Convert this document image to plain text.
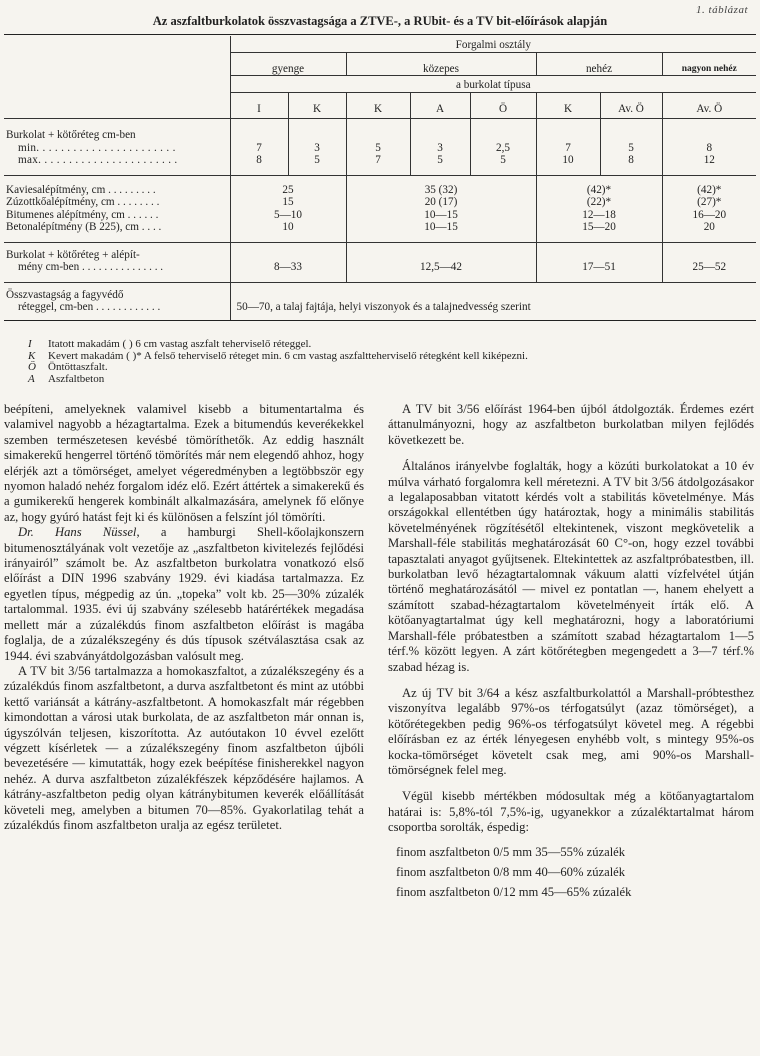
1. táblázat
Az aszfaltburkolatok összvastagsága a ZTVE-, a RUbit- és a TV bit-előírások alapján
	Forgalmi osztály							
	gyenge		közepes			nehéz		nagyon nehéz
	a burkolat típusa							
	I	K	K	A	Ö	K	Av. Ö	Av. Ö
Burkolat + kötőréteg cm-ben								
min. . . . . . . . . . . . . . . . . . . . . . .	7	3	5	3	2,5	7	5	8
max. . . . . . . . . . . . . . . . . . . . . . .	8	5	7	5	5	10	8	12
Kaviesalépítmény, cm . . . . . . . . .	25		35 (32)			(42)*		(42)*
Zúzottkőalépítmény, cm . . . . . . . .	15		20 (17)			(22)*		(27)*
Bitumenes alépítmény, cm . . . . . .	5—10		10—15			12—18		16—20
Betonalépítmény (B 225), cm . . . .	10		10—15			15—20		20
Burkolat + kötőréteg + alépít-								
mény cm-ben . . . . . . . . . . . . . . .	8—33		12,5—42			17—51		25—52
Összvastagság a fagyvédő								
réteggel, cm-ben . . . . . . . . . . . .	50—70, a talaj fajtája, helyi viszonyok és a talajnedvesség szerint							
I Itatott makadám ( ) 6 cm vastag aszfalt teherviselő réteggel.
K Kevert makadám ( )* A felső teherviselő réteget min. 6 cm vastag aszfaltteherviselő rétegként kell kiképezni.
Ö Öntöttaszfalt.
A Aszfaltbeton

beépíteni, amelyeknek valamivel kisebb a bitumentartalma és valamivel nagyobb a hézagtartalma. Ezek a bitumendús keverékekkel szemben természetesen kevésbé tömöríthetők. Az eddig használt simakerekű hengerrel történő tömörítés már nem elegendő ahhoz, hogy elérjék azt a tömörséget, amelyet végeredményben a legtöbbször egy nyomon haladó nehéz forgalom idéz elő. Ezért áttértek a simakerekű és a gumikerekű hengerek kombinált alkalmazására, amelynek fő előnye az, hogy gyúró hatást fejt ki és különösen a felszínt jól tömöríti.

Dr. Hans Nüssel, a hamburgi Shell-kőolajkonszern bitumenosztályának volt vezetője az „aszfaltbeton kivitelezés fejlődési irányairól” számolt be. Az aszfaltbeton burkolatra vonatkozó első előírást a DIN 1996 szabvány 1929. évi kiadása tartalmazza. Ez egyetlen típus, mégpedig az ún. „topeka” volt kb. 25—30% zúzalék tartalommal. 1935. évi új szabvány szélesebb határértékek megadása mellett már a zúzalékdús finom aszfaltbeton előírást is magába foglalja, de a zúzalékszegény és dús típusok szétválasztása csak az 1944. évi szabványátdolgozásban valósult meg.

A TV bit 3/56 tartalmazza a homokaszfaltot, a zúzalékszegény és a zúzalékdús finom aszfaltbetont, a durva aszfaltbetont és mint az utóbbi kettő variánsát a kátrány-aszfaltbetont. A homokaszfalt már régebben kimondottan a városi utak burkolata, de az aszfaltbeton már onnan is, úgyszólván teljesen, kiszorította. Az autóutakon 10 évvel ezelőtt végzett kísérletek — a zúzalékszegény finom aszfaltbeton újbóli bevezetésére — kimutatták, hogy ezek beépítése finisherekkel nagyon nehéz. A durva aszfaltbeton zúzalékfészek képződésére hajlamos. A kátrány-aszfaltbeton pedig olyan kátránybitumen keverék előállítását követeli meg, amelyben a bitumen 70—85%. Gyakorlatilag tehát a zúzalékdús finom aszfaltbeton uralja az egész területet.

A TV bit 3/56 előírást 1964-ben újból átdolgozták. Érdemes ezért áttanulmányozni, hogy az aszfaltbeton burkolatban milyen fejlődés következett be.

Általános irányelvbe foglalták, hogy a közúti burkolatokat a 10 év múlva várható forgalomra kell méretezni. A TV bit 3/56 átdolgozásakor a legalaposabban vitatott kérdés volt a stabilitás követelménye. Más országokkal ellentétben úgy határoztak, hogy a minimális stabilitás követelményének rögzítésétől eltekintenek, viszont megkövetelik a Marshall-féle stabilitás meghatározását 60 C°-on, hogy ezzel további tapasztalati anyagot gyűjtsenek. Eltekintettek az aszfaltpróbatestben, ill. burkolatban levő hézagtartalomnak vákuum alatti vízfelvétel útján történő meghatározásától — mivel ez pontatlan —, hanem ehelyett a számított szabad-hézagtartalom követelményeit írták elő. A kötőanyagtartalmat úgy kell meghatározni, hogy a laboratóriumi Marshall-féle próbatestben a számított szabad hézagtartalom 1—5 térf.% között legyen. A zárt kötőrétegben megengedett a 3—7 térf.% szabad hézag is.

Az új TV bit 3/64 a kész aszfaltburkolattól a Marshall-próbtesthez viszonyítva legalább 97%-os térfogatsúlyt (azaz tömörséget), a kötőrétegekben pedig 96%-os térfogatsúlyt követel meg. A régebbi előírásban ez az érték lényegesen enyhébb volt, s mintegy 95%-os kocka-tömörséget követelt csak meg, ami 90%-os Marshall-tömörségnek felel meg.

Végül kisebb mértékben módosultak még a kötőanyagtartalom határai is: 5,8%-tól 7,5%-ig, ugyanekkor a zúzaléktartalmat három csoportba sorolták, éspedig:

finom aszfaltbeton 0/5 mm 35—55% zúzalék
finom aszfaltbeton 0/8 mm 40—60% zúzalék
finom aszfaltbeton 0/12 mm 45—65% zúzalék
